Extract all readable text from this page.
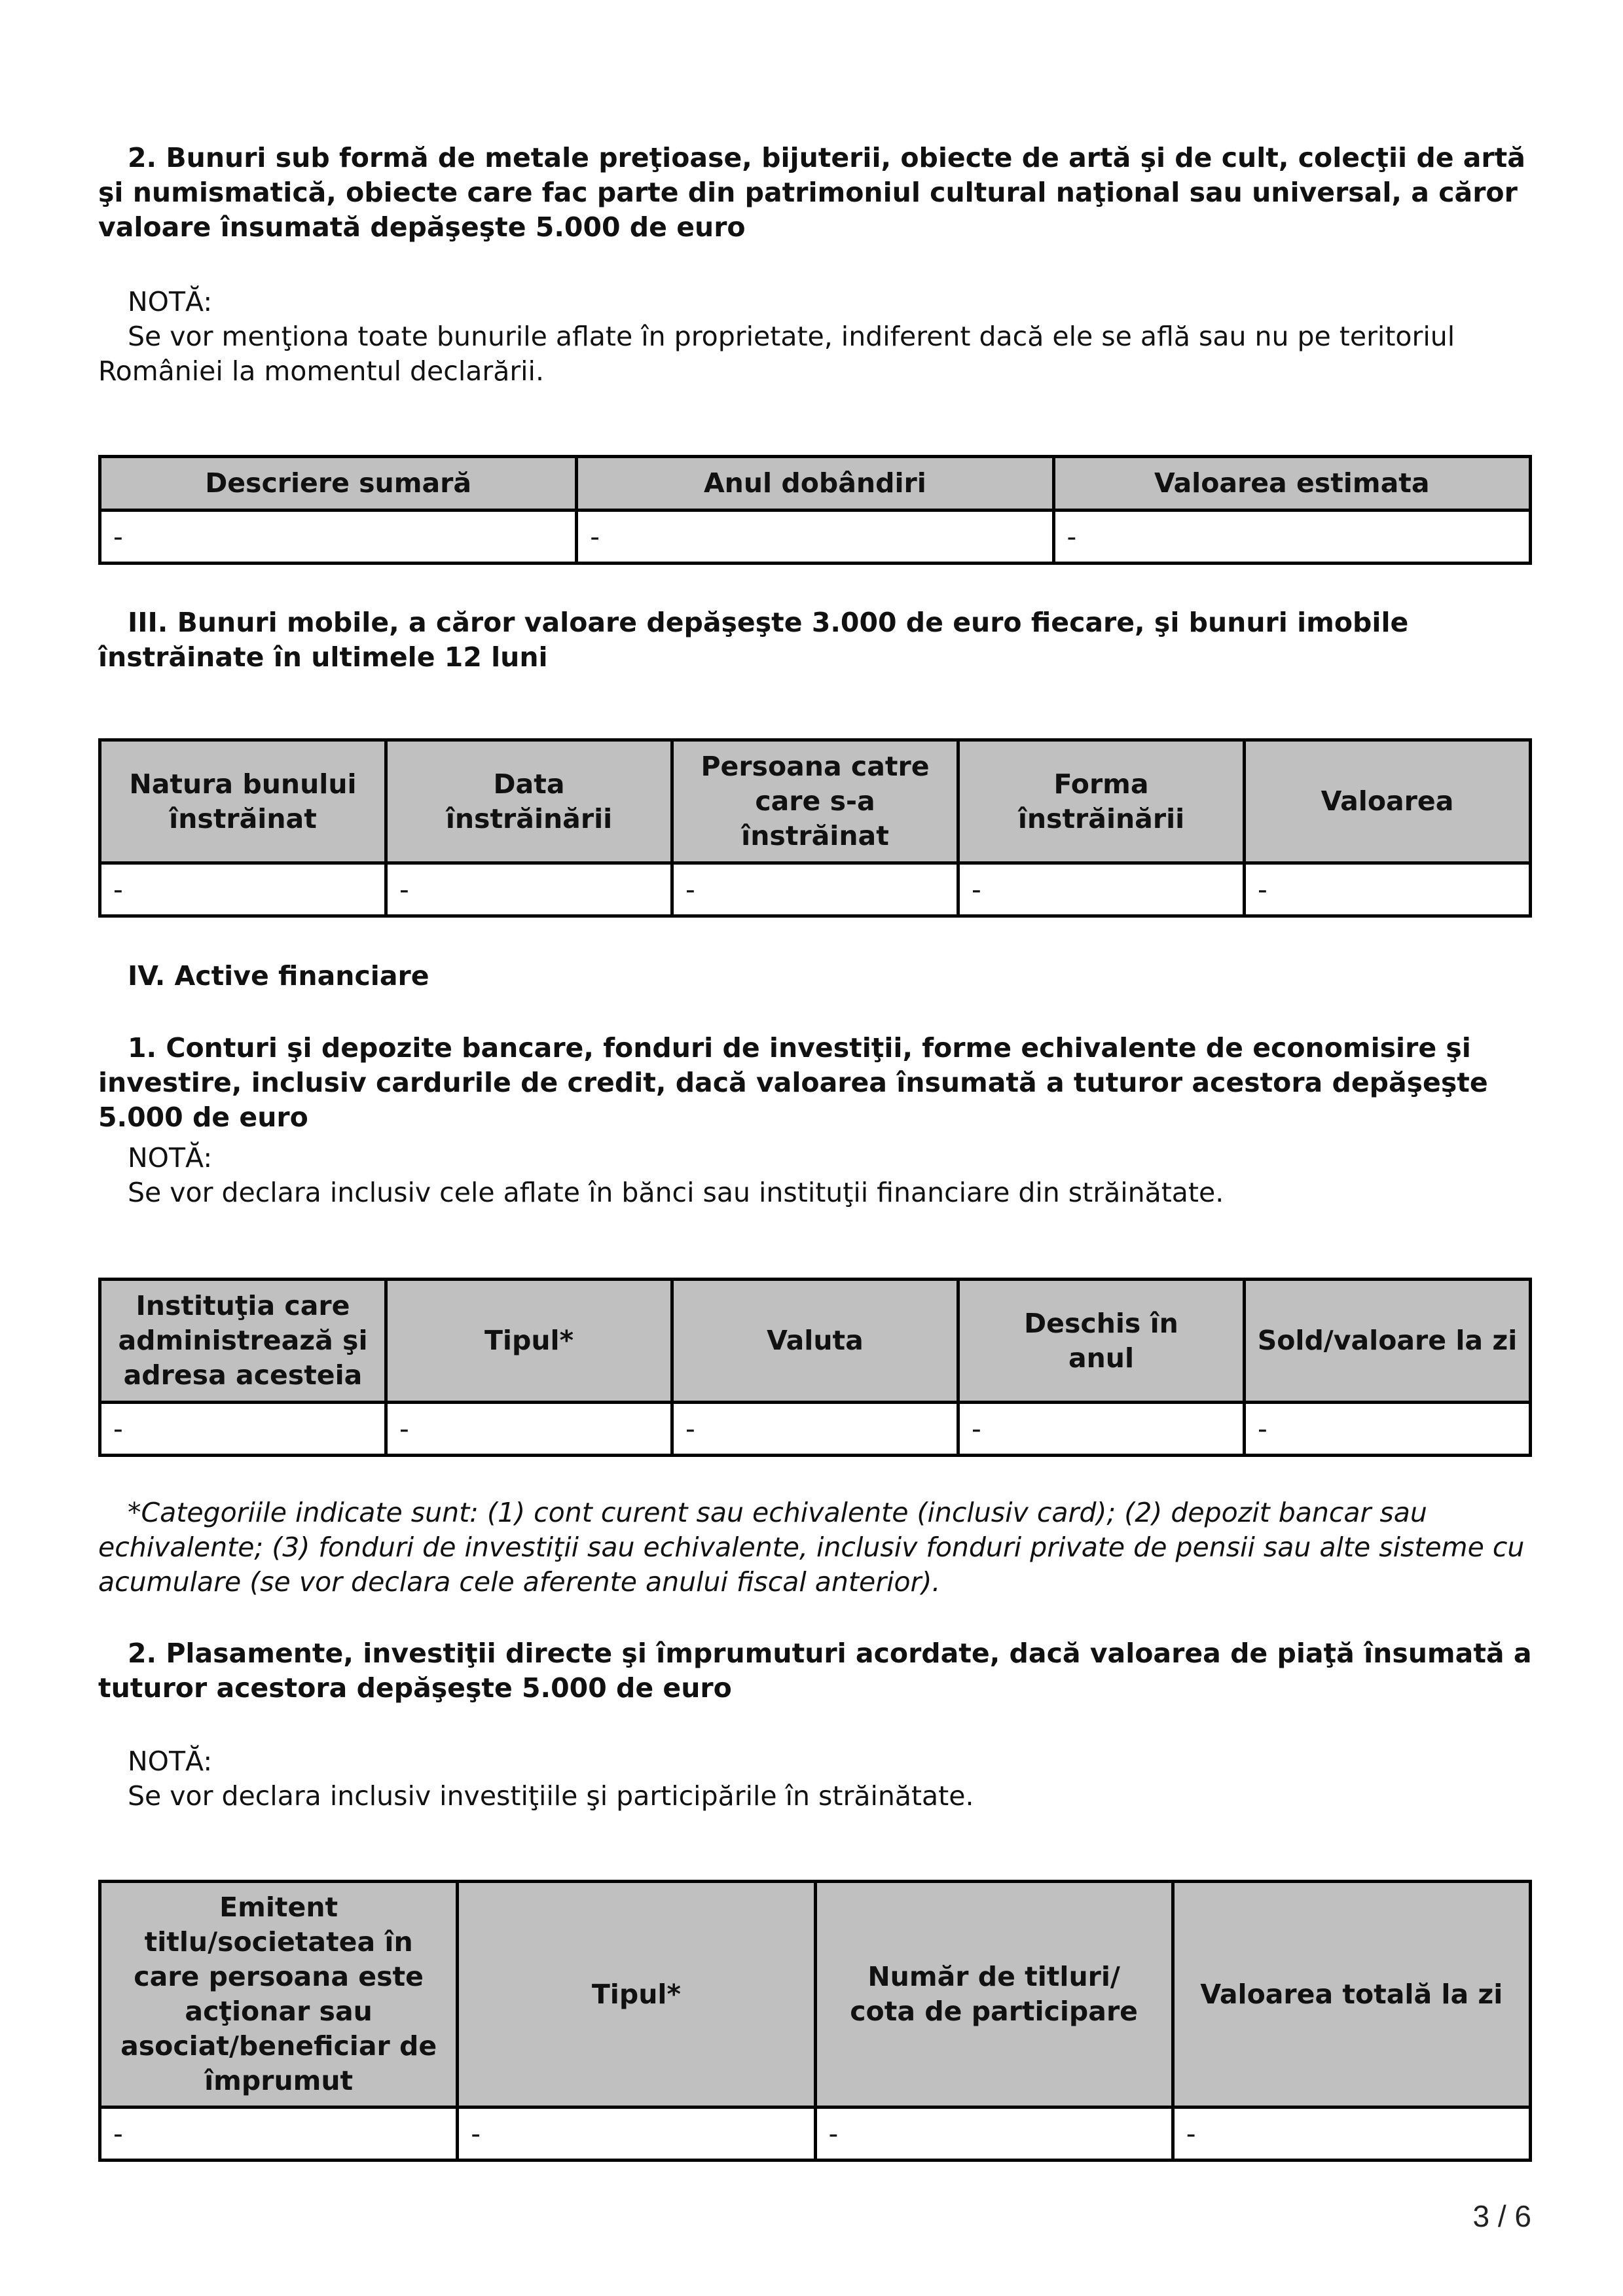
2. Bunuri sub formă de metale preţioase, bijuterii, obiecte de artă şi de cult, colecţii de artă şi numismatică, obiecte care fac parte din patrimoniul cultural naţional sau universal, a căror valoare însumată depăşeşte 5.000 de euro

NOTĂ:

Se vor menţiona toate bunurile aflate în proprietate, indiferent dacă ele se află sau nu pe teritoriul României la momentul declarării.

Descriere sumară	Anul dobândiri	Valoarea estimata
-	-	-

III. Bunuri mobile, a căror valoare depăşeşte 3.000 de euro fiecare, şi bunuri imobile înstrăinate în ultimele 12 luni

Natura bunului înstrăinat	Data înstrăinării	Persoana catre care s-a înstrăinat	Forma înstrăinării	Valoarea
-	-	-	-	-

IV. Active financiare

1. Conturi şi depozite bancare, fonduri de investiţii, forme echivalente de economisire şi investire, inclusiv cardurile de credit, dacă valoarea însumată a tuturor acestora depăşeşte 5.000 de euro

NOTĂ:

Se vor declara inclusiv cele aflate în bănci sau instituţii financiare din străinătate.

Instituţia care administrează şi adresa acesteia	Tipul*	Valuta	Deschis în anul	Sold/valoare la zi
-	-	-	-	-

*Categoriile indicate sunt: (1) cont curent sau echivalente (inclusiv card); (2) depozit bancar sau echivalente; (3) fonduri de investiţii sau echivalente, inclusiv fonduri private de pensii sau alte sisteme cu acumulare (se vor declara cele aferente anului fiscal anterior).

2. Plasamente, investiţii directe şi împrumuturi acordate, dacă valoarea de piaţă însumată a tuturor acestora depăşeşte 5.000 de euro

NOTĂ:

Se vor declara inclusiv investiţiile şi participările în străinătate.

Emitent titlu/societatea în care persoana este acţionar sau asociat/beneficiar de împrumut	Tipul*	Număr de titluri/ cota de participare	Valoarea totală la zi
-	-	-	-
3 / 6
